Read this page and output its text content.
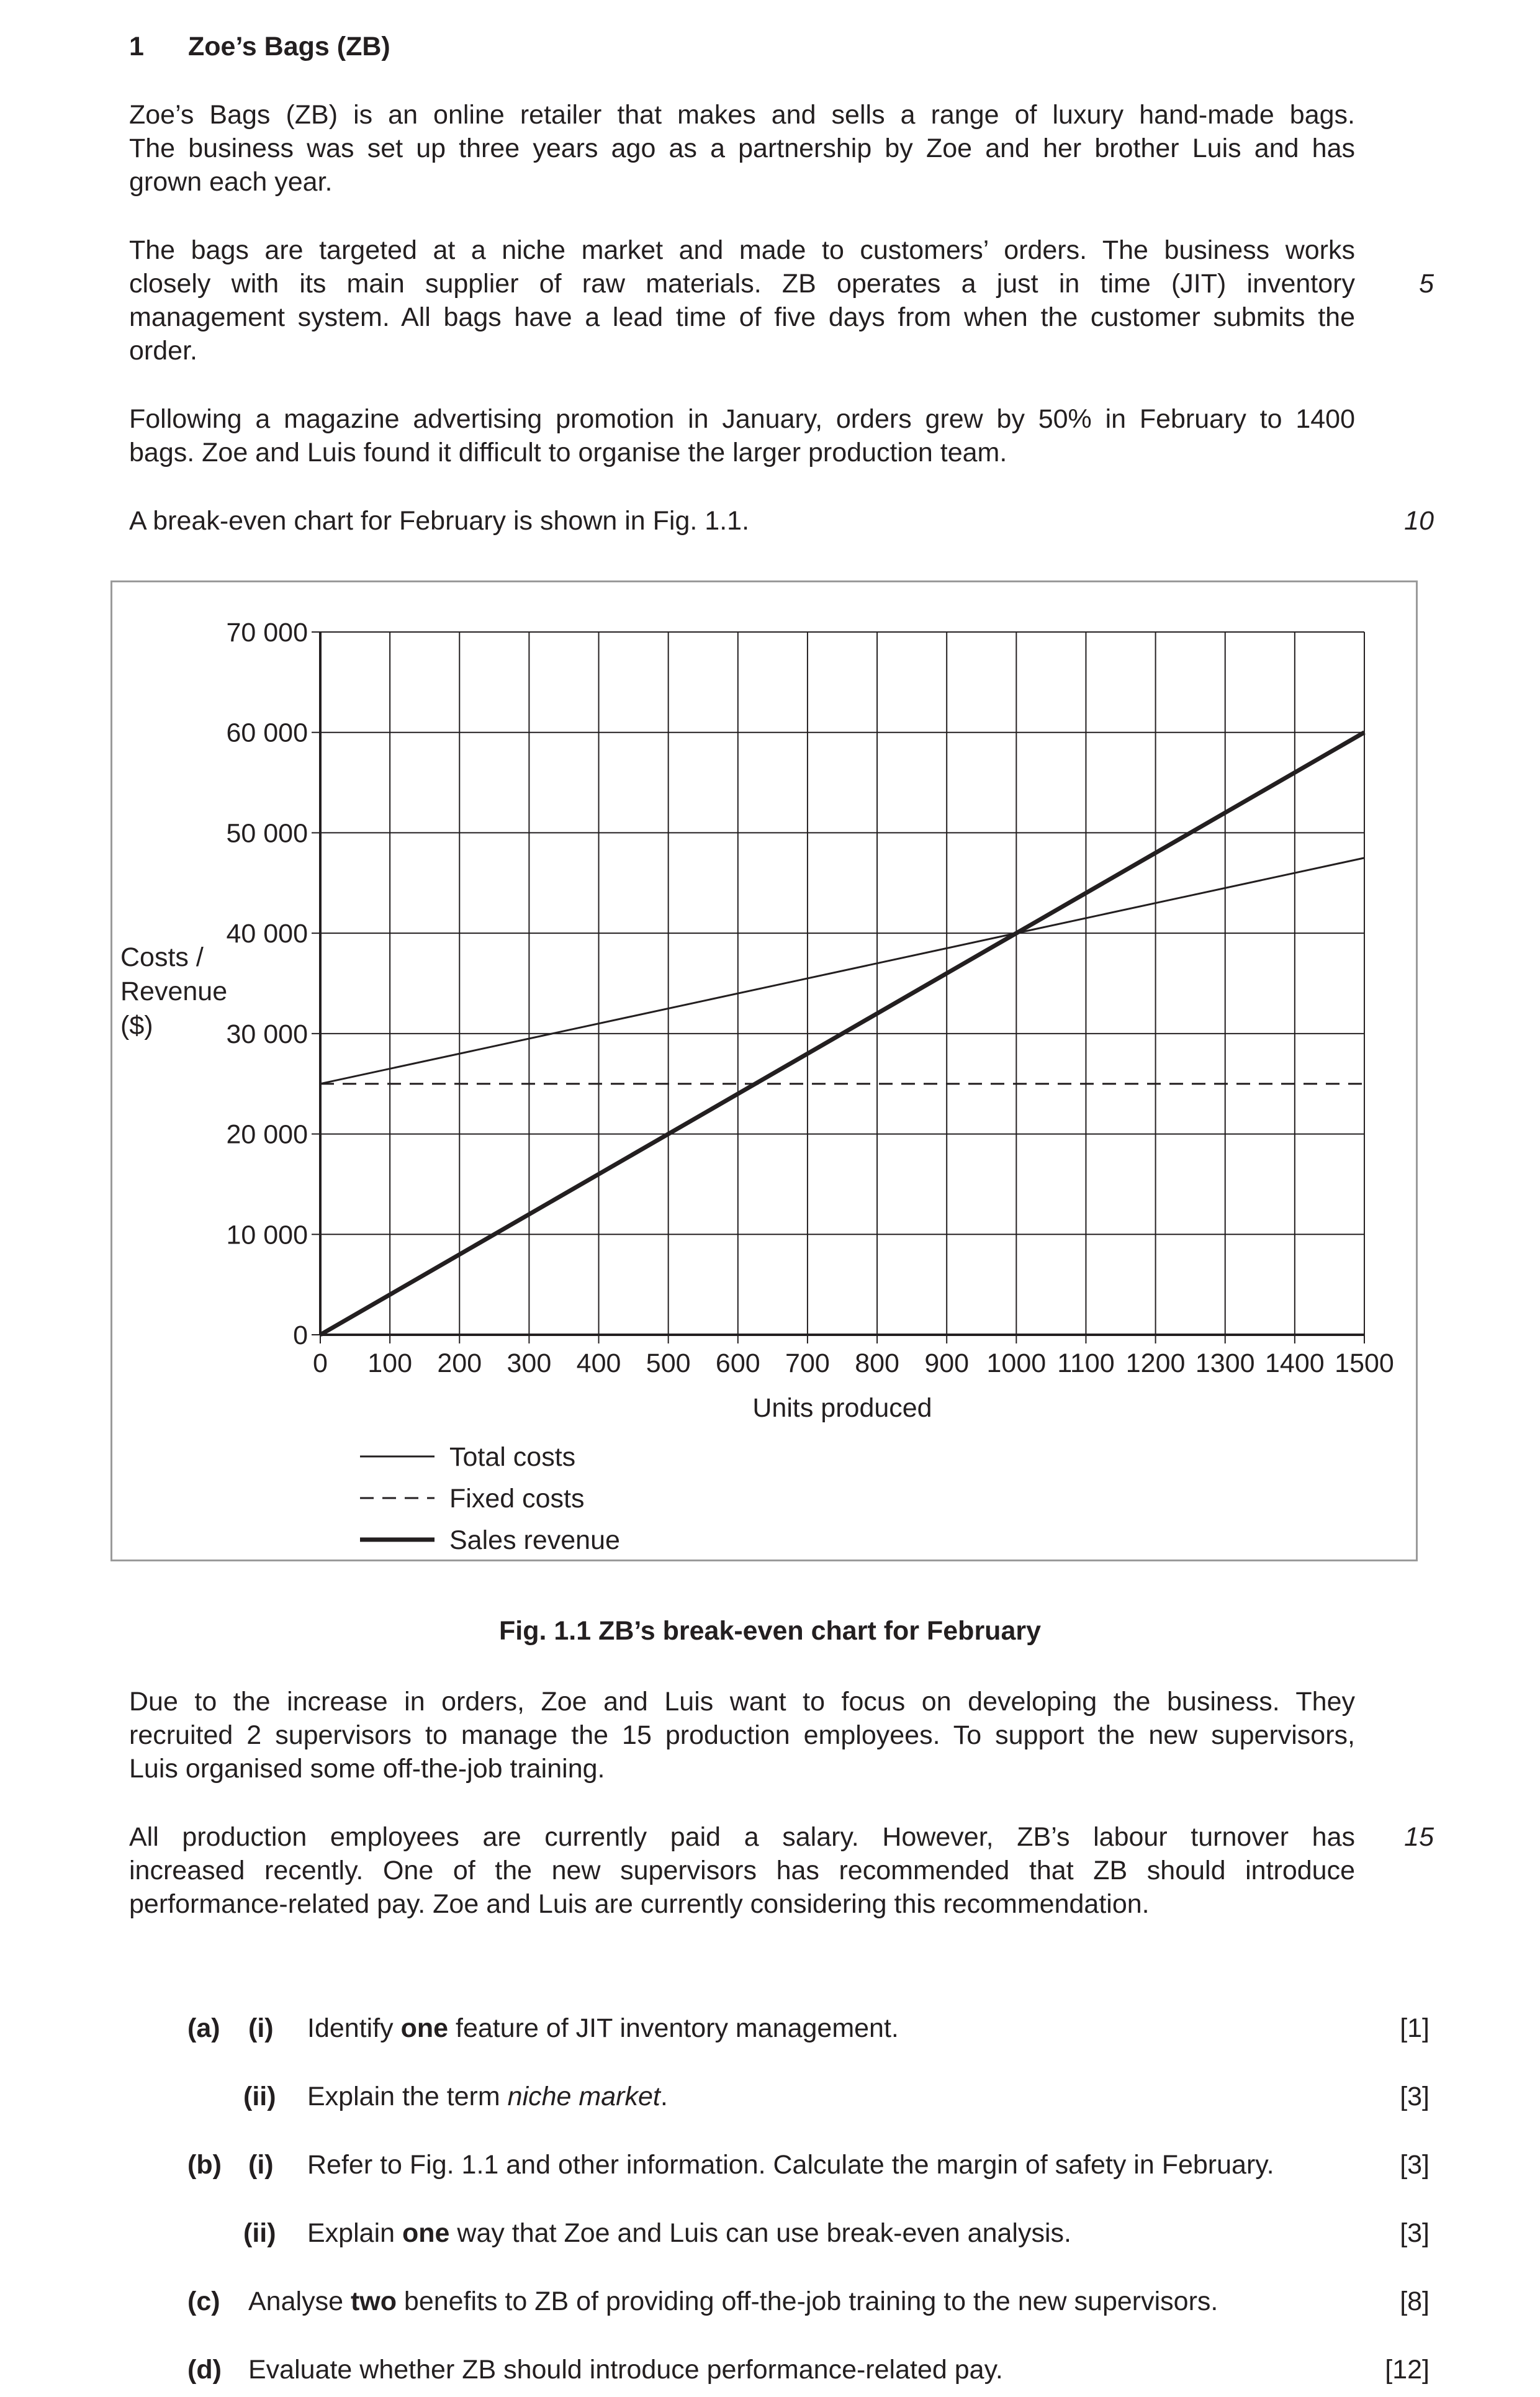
1 Zoe’s Bags (ZB)
Zoe’s Bags (ZB) is an online retailer that makes and sells a range of luxury hand-made bags.
The business was set up three years ago as a partnership by Zoe and her brother Luis and has
grown each year.
The bags are targeted at a niche market and made to customers’ orders. The business works
closely with its main supplier of raw materials. ZB operates a just in time (JIT) inventory
management system. All bags have a lead time of five days from when the customer submits the
order.
5
Following a magazine advertising promotion in January, orders grew by 50% in February to 1400
bags. Zoe and Luis found it difficult to organise the larger production team.
A break-even chart for February is shown in Fig. 1.1.	10
0 100 200 300 400 500 600 700 800 900 1000 1100 1200 1300 1400 1500
0
10 000
20 000
30 000
40 000
50 000
60 000
70 000
Costs /
Revenue
($)
Units produced
Total costs
Fixed costs
Sales revenue
Fig. 1.1 ZB’s break-even chart for February
Due to the increase in orders, Zoe and Luis want to focus on developing the business. They
recruited 2 supervisors to manage the 15 production employees. To support the new supervisors,
Luis organised some off-the-job training.
All production employees are currently paid a salary. However, ZB’s labour turnover has
increased recently. One of the new supervisors has recommended that ZB should introduce
performance-related pay. Zoe and Luis are currently considering this recommendation.
15
(a) (i) Identify one feature of JIT inventory management.	[1]
(ii) Explain the term niche market.	[3]
(b) (i) Refer to Fig. 1.1 and other information. Calculate the margin of safety in February.	[3]
(ii) Explain one way that Zoe and Luis can use break-even analysis.	[3]
(c) Analyse two benefits to ZB of providing off-the-job training to the new supervisors.	[8]
(d) Evaluate whether ZB should introduce performance-related pay.	[12]
